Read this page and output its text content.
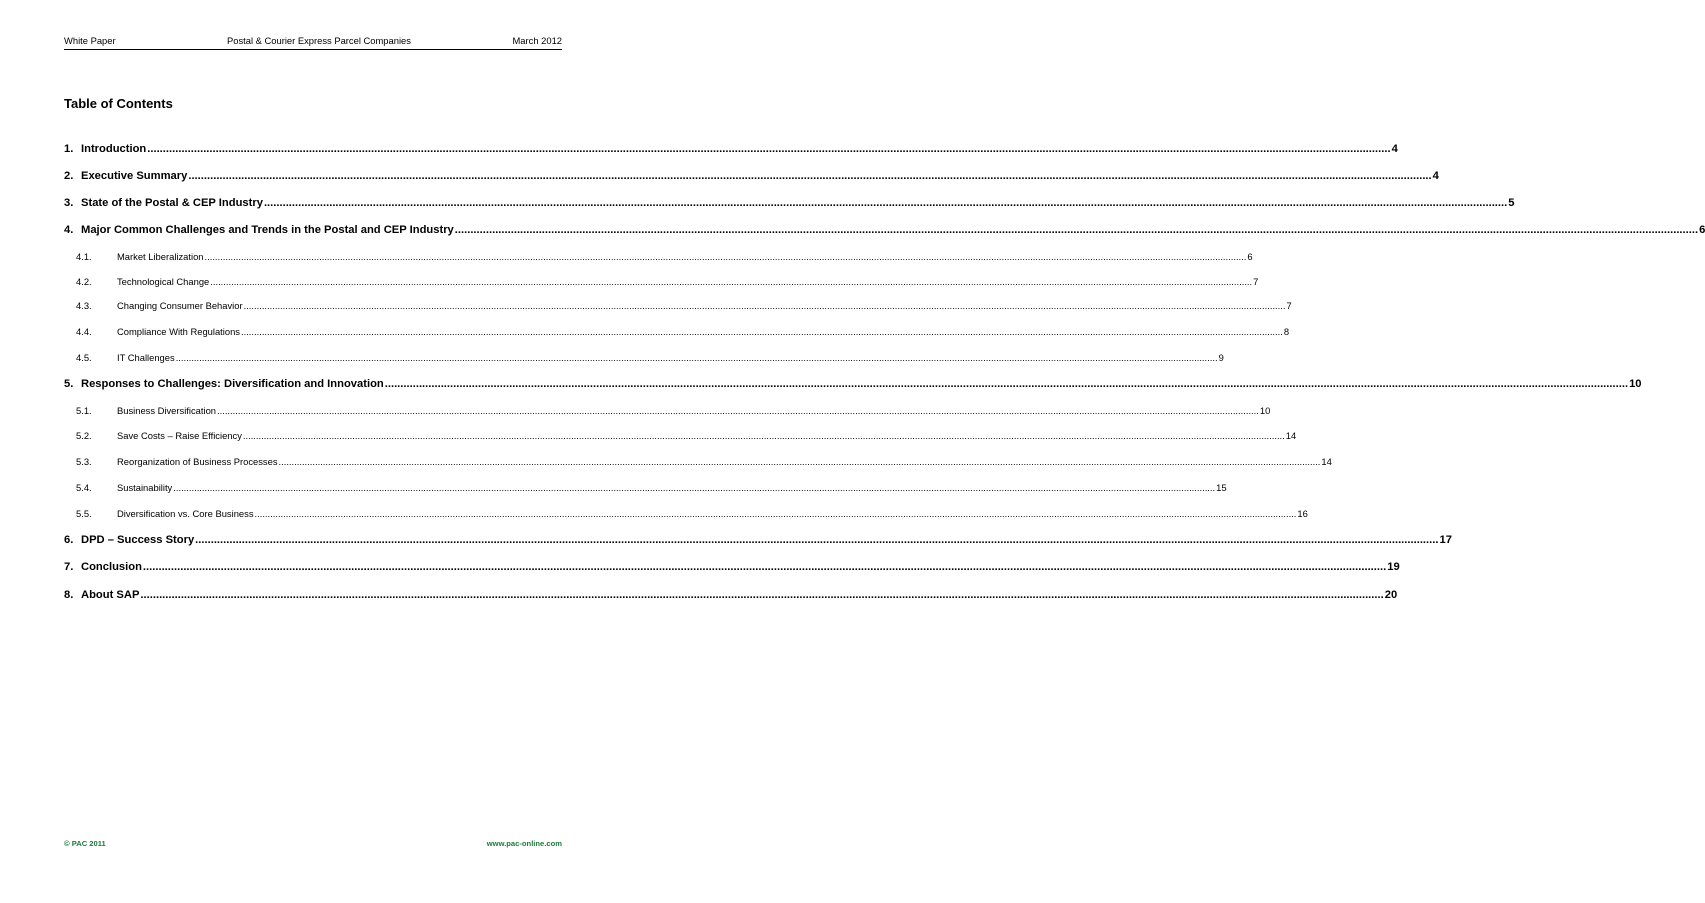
White Paper	Postal & Courier Express Parcel Companies	March 2012
Table of Contents
1. Introduction ................................................................................................................................................................................................................................................................................................................................................................................................................ 4
2. Executive Summary ................................................................................................................................................................................................................................................................................................................................................................................................................ 4
3. State of the Postal & CEP Industry ................................................................................................................................................................................................................................................................................................................................................................................................................ 5
4. Major Common Challenges and Trends in the Postal and CEP Industry ................................................................................................................................................................................................................................................................................................................................................................................................................ 6
4.1.	Market Liberalization ................................................................................................................................................................................................................................................................................................................................................................................................................ 6
4.2.	Technological Change ................................................................................................................................................................................................................................................................................................................................................................................................................ 7
4.3.	Changing Consumer Behavior ................................................................................................................................................................................................................................................................................................................................................................................................................ 7
4.4.	Compliance With Regulations ................................................................................................................................................................................................................................................................................................................................................................................................................ 8
4.5.	IT Challenges ................................................................................................................................................................................................................................................................................................................................................................................................................ 9
5. Responses to Challenges: Diversification and Innovation ................................................................................................................................................................................................................................................................................................................................................................................................................ 10
5.1.	Business Diversification ................................................................................................................................................................................................................................................................................................................................................................................................................ 10
5.2.	Save Costs – Raise Efficiency ................................................................................................................................................................................................................................................................................................................................................................................................................ 14
5.3.	Reorganization of Business Processes ................................................................................................................................................................................................................................................................................................................................................................................................................ 14
5.4.	Sustainability ................................................................................................................................................................................................................................................................................................................................................................................................................ 15
5.5.	Diversification vs. Core Business ................................................................................................................................................................................................................................................................................................................................................................................................................ 16
6. DPD – Success Story ................................................................................................................................................................................................................................................................................................................................................................................................................ 17
7. Conclusion ................................................................................................................................................................................................................................................................................................................................................................................................................ 19
8. About SAP ................................................................................................................................................................................................................................................................................................................................................................................................................ 20
© PAC 2011	www.pac-online.com
